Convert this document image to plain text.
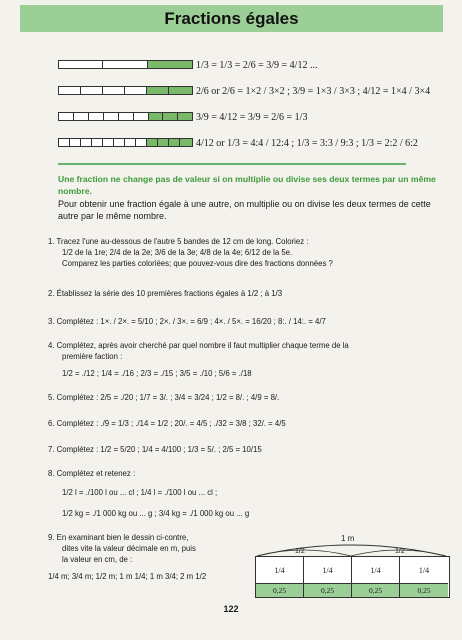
Fractions égales
1/3 = 1/3 = 2/6 = 3/9 = 4/12 ...
2/6 or 2/6 = 1×2 / 3×2 ; 3/9 = 1×3 / 3×3 ; 4/12 = 1×4 / 3×4
3/9 = 4/12 = 3/9 = 2/6 = 1/3
4/12 or 1/3 = 4:4 / 12:4 ; 1/3 = 3:3 / 9:3 ; 1/3 = 2:2 / 6:2
Une fraction ne change pas de valeur si on multiplie ou divise ses deux termes par un même nombre.
Pour obtenir une fraction égale à une autre, on multiplie ou on divise les deux termes de cette autre par le même nombre.
1. Tracez l'une au-dessous de l'autre 5 bandes de 12 cm de long. Coloriez :
1/2 de la 1re; 2/4 de la 2e; 3/6 de la 3e; 4/8 de la 4e; 6/12 de la 5e.
Comparez les parties coloriées; que pouvez-vous dire des fractions données ?
2. Établissez la série des 10 premières fractions égales à 1/2 ; à 1/3
3. Complétez : 1×. / 2×. = 5/10 ; 2×. / 3×. = 6/9 ; 4×. / 5×. = 16/20 ; 8:. / 14:. = 4/7
4. Complétez, après avoir cherché par quel nombre il faut multiplier chaque terme de la
première faction :
1/2 = ./12 ; 1/4 = ./16 ; 2/3 = ./15 ; 3/5 = ./10 ; 5/6 = ./18
5. Complétez : 2/5 = ./20 ; 1/7 = 3/. ; 3/4 = 3/24 ; 1/2 = 8/. ; 4/9 = 8/.
6. Complétez : ./9 = 1/3 ; ./14 = 1/2 ; 20/. = 4/5 ; ./32 = 3/8 ; 32/. = 4/5
7. Complétez : 1/2 = 5/20 ; 1/4 = 4/100 ; 1/3 = 5/. ; 2/5 = 10/15
8. Complétez et retenez :
1/2 l = ./100 l ou ... cl ; 1/4 l = ./100 l ou ... cl ;
1/2 kg = ./1 000 kg ou ... g ; 3/4 kg = ./1 000 kg ou ... g
9. En examinant bien le dessin ci-contre,
dites vite la valeur décimale en m, puis
la valeur en cm, de :
1/4 m; 3/4 m; 1/2 m; 1 m 1/4; 1 m 3/4; 2 m 1/2
1 m
1/4	1/4	1/4	1/4
0,25	0,25	0,25	0,25
1/2	1/2
122
